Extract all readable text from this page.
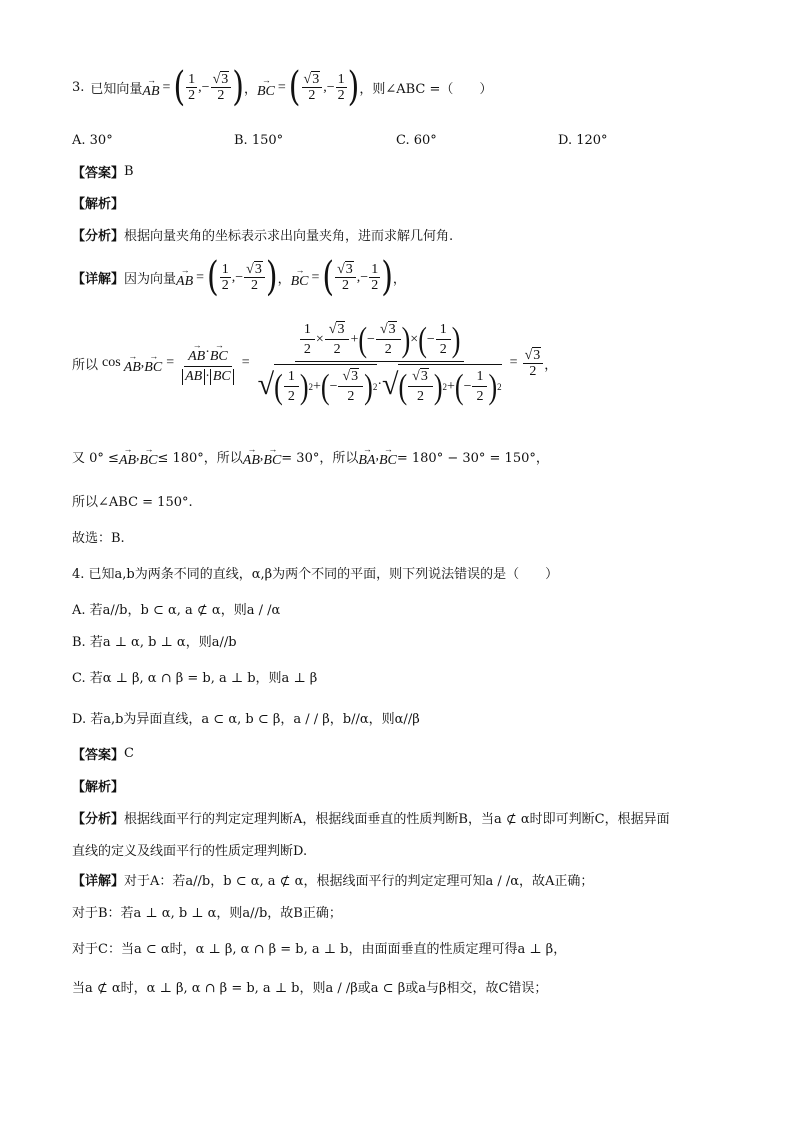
3. 已知向量
→
AB = ( $\frac{1}{2}$ , − $\frac{√3}{2}$ ) ，
→
BC = ( $\frac{√3}{2}$ , − $\frac{1}{2}$ ) ，则∠ABC =（　　）
A. 30°	B. 150°	C. 60°	D. 120°
【答案】 B
【解析】
【分析】 根据向量夹角的坐标表示求出向量夹角，进而求解几何角.
【详解】 因为向量
→
AB = ( $\frac{1}{2}$ , − $\frac{√3}{2}$ ) ，
→
BC = ( $\frac{√3}{2}$ , − $\frac{1}{2}$ ) ，
所以 cos →
AB , →
BC = →
AB · →
BC
AB · BC = $\frac{\frac{1}{2} \times \frac{√3}{2} + ( - \frac{√3}{2} ) \times ( - \frac{1}{2} )}{√ ( \frac{1}{2} ) 2 + ( - \frac{√3}{2} ) 2 \cdot √ ( \frac{√3}{2} ) 2 + ( - \frac{1}{2} ) 2} = \frac{√3}{2}$ ，
又 0° ≤
→
AB , →
BC ≤ 180°，所以
→
AB , →
BC = 30°，所以
→
BA , →
BC = 180° − 30° = 150°，
所以∠ABC = 150°.
故选：B.
4. 已知a,b为两条不同的直线，α,β为两个不同的平面，则下列说法错误的是（　　）
A. 若a//b，b ⊂ α, a ⊄ α，则a / /α
B. 若a ⊥ α, b ⊥ α，则a//b
C. 若α ⊥ β, α ∩ β = b, a ⊥ b，则a ⊥ β
D. 若a,b为异面直线，a ⊂ α, b ⊂ β，a / / β，b//α，则α//β
【答案】 C
【解析】
【分析】 根据线面平行的判定定理判断A，根据线面垂直的性质判断B，当a ⊄ α时即可判断C，根据异面
直线的定义及线面平行的性质定理判断D.
【详解】 对于A：若a//b，b ⊂ α, a ⊄ α，根据线面平行的判定定理可知a / /α，故A正确；
对于B：若a ⊥ α, b ⊥ α，则a//b，故B正确；
对于C：当a ⊂ α时，α ⊥ β, α ∩ β = b, a ⊥ b，由面面垂直的性质定理可得a ⊥ β，
当a ⊄ α时，α ⊥ β, α ∩ β = b, a ⊥ b，则a / /β或a ⊂ β或a与β相交，故C错误；
